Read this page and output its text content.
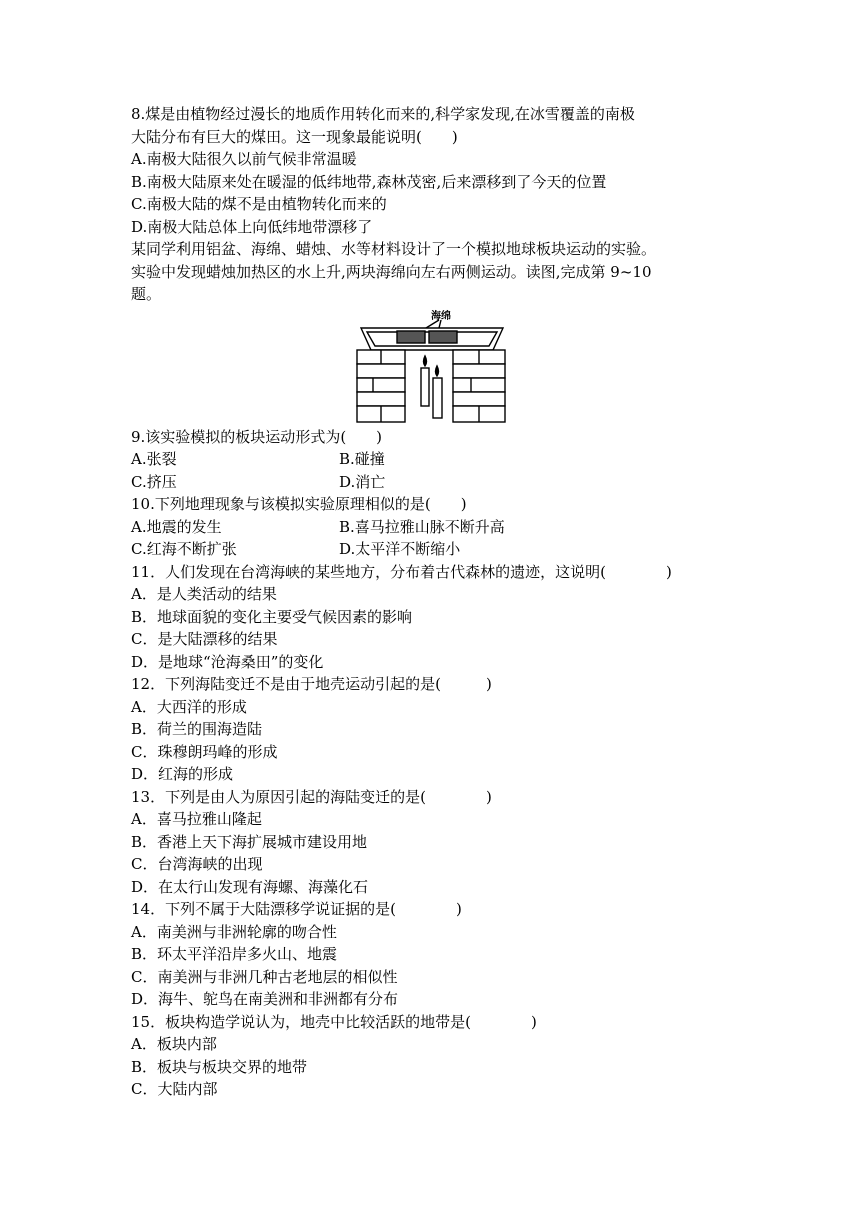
8.煤是由植物经过漫长的地质作用转化而来的,科学家发现,在冰雪覆盖的南极
大陆分布有巨大的煤田。这一现象最能说明(　　)
A.南极大陆很久以前气候非常温暖
B.南极大陆原来处在暖湿的低纬地带,森林茂密,后来漂移到了今天的位置
C.南极大陆的煤不是由植物转化而来的
D.南极大陆总体上向低纬地带漂移了
某同学利用铝盆、海绵、蜡烛、水等材料设计了一个模拟地球板块运动的实验。
实验中发现蜡烛加热区的水上升,两块海绵向左右两侧运动。读图,完成第 9~10
题。
海绵
9.该实验模拟的板块运动形式为(　　)
A.张裂	B.碰撞
C.挤压	D.消亡
10.下列地理现象与该模拟实验原理相似的是(　　)
A.地震的发生	B.喜马拉雅山脉不断升高
C.红海不断扩张	D.太平洋不断缩小
11．人们发现在台湾海峡的某些地方，分布着古代森林的遗迹，这说明(　　　　)
A．是人类活动的结果
B．地球面貌的变化主要受气候因素的影响
C．是大陆漂移的结果
D．是地球“沧海桑田”的变化
12．下列海陆变迁不是由于地壳运动引起的是(　　　)
A．大西洋的形成
B．荷兰的围海造陆
C．珠穆朗玛峰的形成
D．红海的形成
13．下列是由人为原因引起的海陆变迁的是(　　　　)
A．喜马拉雅山隆起
B．香港上天下海扩展城市建设用地
C．台湾海峡的出现
D．在太行山发现有海螺、海藻化石
14．下列不属于大陆漂移学说证据的是(　　　　)
A．南美洲与非洲轮廓的吻合性
B．环太平洋沿岸多火山、地震
C．南美洲与非洲几种古老地层的相似性
D．海牛、鸵鸟在南美洲和非洲都有分布
15．板块构造学说认为，地壳中比较活跃的地带是(　　　　)
A．板块内部
B．板块与板块交界的地带
C．大陆内部
